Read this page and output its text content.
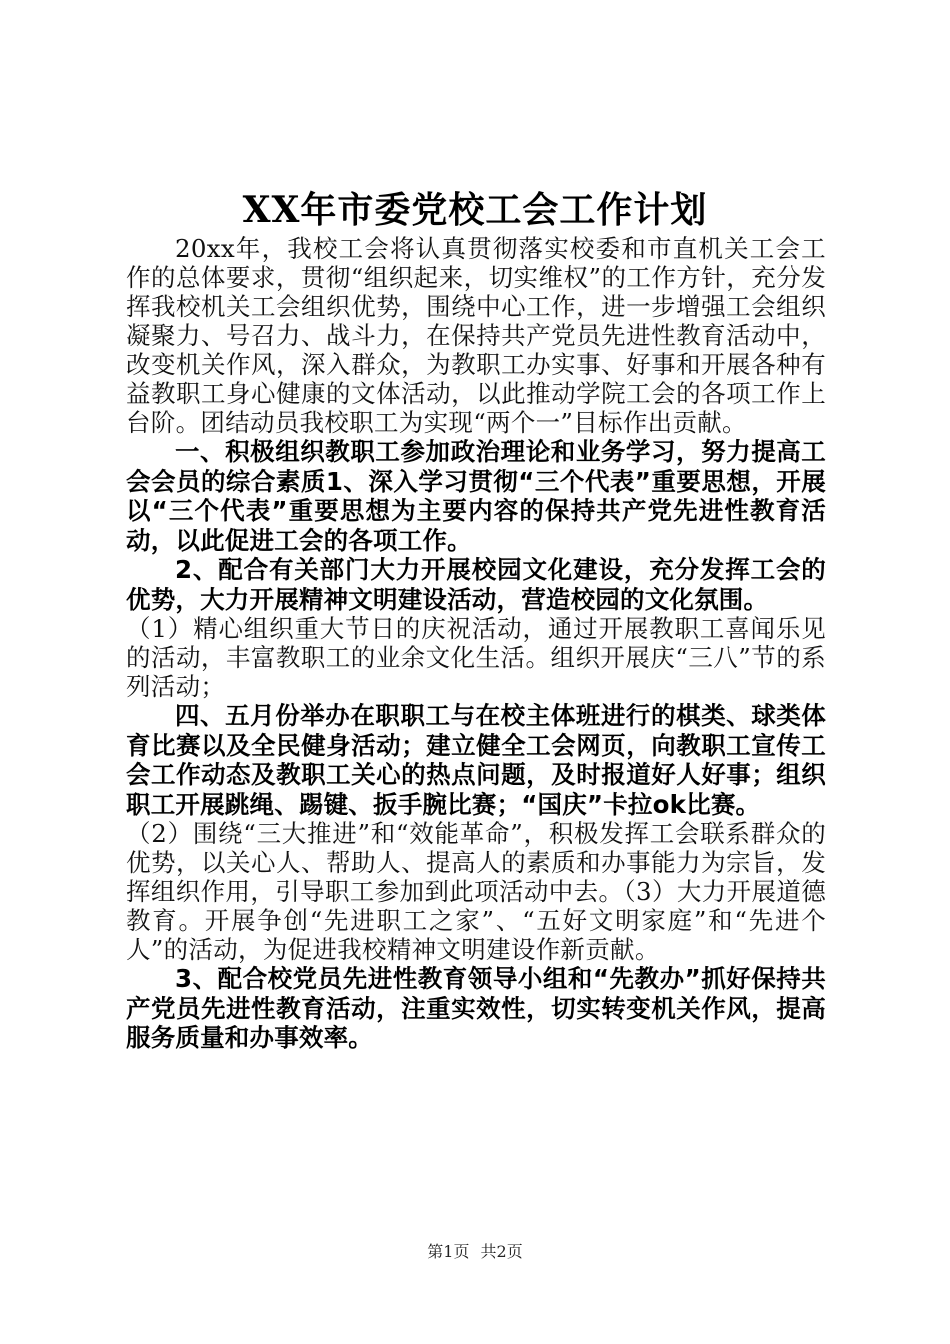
XX年市委党校工会工作计划

20xx年，我校工会将认真贯彻落实校委和市直机关工会工作的总体要求，贯彻“组织起来，切实维权”的工作方针，充分发挥我校机关工会组织优势，围绕中心工作，进一步增强工会组织凝聚力、号召力、战斗力，在保持共产党员先进性教育活动中，改变机关作风，深入群众，为教职工办实事、好事和开展各种有益教职工身心健康的文体活动，以此推动学院工会的各项工作上台阶。团结动员我校职工为实现“两个一”目标作出贡献。

一、积极组织教职工参加政治理论和业务学习，努力提高工会会员的综合素质1、深入学习贯彻“三个代表”重要思想，开展以“三个代表”重要思想为主要内容的保持共产党先进性教育活动，以此促进工会的各项工作。

2、配合有关部门大力开展校园文化建设，充分发挥工会的优势，大力开展精神文明建设活动，营造校园的文化氛围。

（1）精心组织重大节日的庆祝活动，通过开展教职工喜闻乐见的活动，丰富教职工的业余文化生活。组织开展庆“三八”节的系列活动；

四、五月份举办在职职工与在校主体班进行的棋类、球类体育比赛以及全民健身活动；建立健全工会网页，向教职工宣传工会工作动态及教职工关心的热点问题，及时报道好人好事；组织职工开展跳绳、踢键、扳手腕比赛；“国庆”卡拉ok比赛。

（2）围绕“三大推进”和“效能革命”，积极发挥工会联系群众的优势，以关心人、帮助人、提高人的素质和办事能力为宗旨，发挥组织作用，引导职工参加到此项活动中去。（3）大力开展道德教育。开展争创“先进职工之家”、“五好文明家庭”和“先进个人”的活动，为促进我校精神文明建设作新贡献。

3、配合校党员先进性教育领导小组和“先教办”抓好保持共产党员先进性教育活动，注重实效性，切实转变机关作风，提高服务质量和办事效率。

第1页 共2页
